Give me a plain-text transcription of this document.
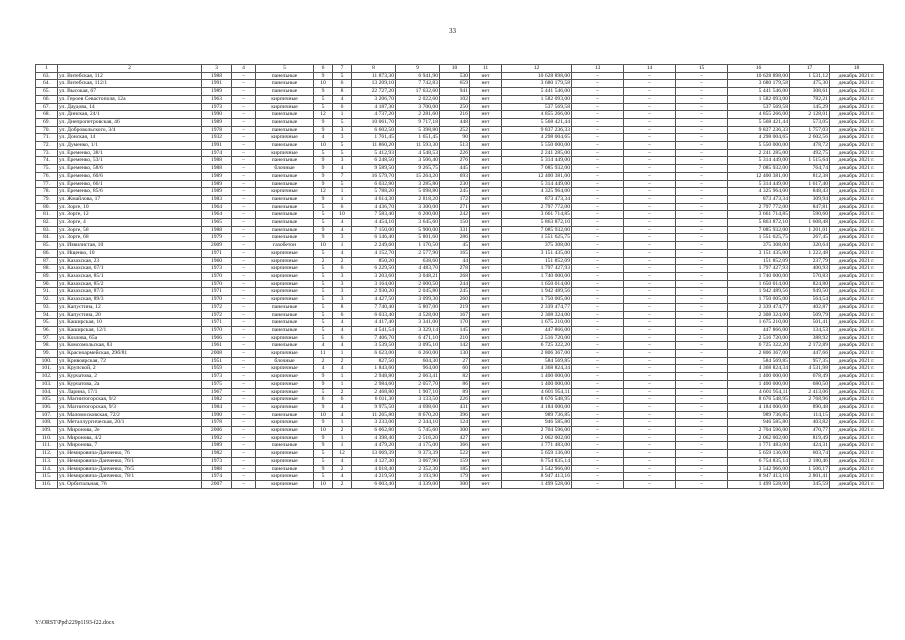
33
1	2	3	4	5	6	7	8	9	10	11	12	13	14	15	16	17	18
63.	ул. Витебская, 112	1988	–	панельные	9	5	11 873,30	6 941,90	530	нет	10 628 898,00	–	–	–	10 628 898,00	1 531,12	декабрь 2021 г.
64.	ул. Витебская, 112/1	1991	–	панельные	10	6	13 209,10	7 742,83	659	нет	3 680 179,58	–	–	–	3 680 179,58	475,30	декабрь 2021 г.
65.	ул. Высокая, 67	1989	–	панельные	9	8	22 727,20	17 632,60	941	нет	5 441 546,00	–	–	–	5 441 546,00	308,61	декабрь 2021 г.
66.	ул. Героев Севастополя, 12а	1963	–	кирпичные	5	4	3 206,70	2 022,60	102	нет	1 582 093,00	–	–	–	1 582 093,00	782,21	декабрь 2021 г.
67.	ул. Даудова, 14	1973	–	кирпичные	5	6	4 187,30	3 700,00	250	нет	537 569,58	–	–	–	537 569,58	145,29	декабрь 2021 г.
68.	ул. Динская, 24/1	1990	–	панельные	12	1	4 737,20	2 281,60	216	нет	4 855 266,00	–	–	–	4 855 266,00	2 128,01	декабрь 2021 г.
69.	ул. Днепропетровская, 46	1989	–	панельные	9	5	10 061,70	9 717,18	448	нет	5 568 421,44	–	–	–	5 568 421,44	573,05	декабрь 2021 г.
70.	ул. Добровольского, 3/4	1978	–	панельные	9	3	6 602,50	5 398,80	252	нет	9 837 236,33	–	–	–	9 837 236,33	1 757,03	декабрь 2021 г.
71.	ул. Донская, 14	1932	–	кирпичные	4	3	1 761,45	1 651,45	90	нет	4 298 004,65	–	–	–	4 298 004,65	2 602,56	декабрь 2021 г.
72.	ул. Думенко, 1/1	1991	–	панельные	10	5	11 860,20	11 593,30	513	нет	5 550 000,00	–	–	–	5 550 000,00	478,72	декабрь 2021 г.
73.	ул. Еременко, 38/1	1974	–	кирпичные	5	5	5 412,93	4 548,53	226	нет	2 241 285,00	–	–	–	2 241 285,00	492,75	декабрь 2021 г.
74.	ул. Еременко, 53/1	1988	–	панельные	9	3	6 248,50	3 506,40	276	нет	5 314 449,00	–	–	–	5 314 449,00	1 515,64	декабрь 2021 г.
75.	ул. Еременко, 58/6	1988	–	блочные	9	4	9 589,50	9 265,75	445	нет	7 085 932,00	–	–	–	7 085 932,00	764,74	декабрь 2021 г.
76.	ул. Еременко, 60/6	1989	–	панельные	9	7	16 579,70	15 264,20	693	нет	12 400 381,00	–	–	–	12 400 381,00	812,38	декабрь 2021 г.
77.	ул. Еременко, 66/1	1989	–	панельные	9	5	6 032,80	3 285,80	230	нет	5 314 449,00	–	–	–	5 314 449,00	1 617,40	декабрь 2021 г.
78.	ул. Еременко, 85/6	1989	–	кирпичные	12	1	5 788,20	5 098,80	245	нет	4 325 964,00	–	–	–	4 325 964,00	848,43	декабрь 2021 г.
79.	ул. Жмайлова, 17	1983	–	панельные	9	1	4 614,30	2 818,20	172	нет	873 473,34	–	–	–	873 473,34	309,94	декабрь 2021 г.
80.	ул. Зорге, 10	1964	–	панельные	5	6	4 436,70	3 300,00	271	нет	2 797 772,00	–	–	–	2 797 772,00	847,81	декабрь 2021 г.
81.	ул. Зорге, 12	1964	–	панельные	5	10	7 583,40	6 200,00	242	нет	3 661 714,85	–	–	–	3 661 714,85	590,60	декабрь 2021 г.
82.	ул. Зорге, 4	1965	–	панельные	5	4	4 454,10	3 645,60	150	нет	5 863 872,10	–	–	–	5 863 872,10	1 608,48	декабрь 2021 г.
83.	ул. Зорге, 58	1988	–	панельные	9	4	7 150,00	5 900,00	331	нет	7 085 932,00	–	–	–	7 085 932,00	1 201,01	декабрь 2021 г.
84.	ул. Зорге, 68	1979	–	панельные	9	3	6 146,40	5 801,60	286	нет	1 551 625,75	–	–	–	1 551 625,75	267,45	декабрь 2021 г.
85.	ул. Извилистая, 10	2009	–	газобетон	10	1	2 249,60	1 170,50	45	нет	375 308,00	–	–	–	375 308,00	320,64	декабрь 2021 г.
86.	ул. Ищенко, 10	1971	–	кирпичные	5	4	4 152,70	2 577,90	165	нет	3 151 435,00	–	–	–	3 151 435,00	1 222,48	декабрь 2021 г.
87.	ул. Казахская, 23	1960	–	кирпичные	2	2	850,20	638,60	44	нет	151 852,09	–	–	–	151 852,09	237,79	декабрь 2021 г.
88.	ул. Казахская, 67/1	1973	–	кирпичные	5	6	6 229,50	4 483,70	278	нет	1 797 427,93	–	–	–	1 797 427,93	400,93	декабрь 2021 г.
89.	ул. Казахская, 85/1	1970	–	кирпичные	5	3	3 203,60	3 048,21	268	нет	1 740 000,00	–	–	–	1 740 000,00	570,83	декабрь 2021 г.
90.	ул. Казахская, 85/2	1970	–	кирпичные	5	3	3 164,00	2 000,50	244	нет	1 650 014,00	–	–	–	1 650 014,00	824,80	декабрь 2021 г.
91.	ул. Казахская, 87/3	1971	–	кирпичные	5	3	2 930,20	2 045,80	245	нет	1 942 489,56	–	–	–	1 942 489,56	949,50	декабрь 2021 г.
92.	ул. Казахская, 89/3	1970	–	кирпичные	5	3	4 427,50	3 099,30	260	нет	1 750 005,00	–	–	–	1 750 005,00	564,54	декабрь 2021 г.
93.	ул. Капустина, 12	1972	–	панельные	5	8	7 740,40	5 807,00	219	нет	2 339 474,77	–	–	–	2 339 474,77	402,87	декабрь 2021 г.
94.	ул. Капустина, 20	1972	–	панельные	5	6	6 033,40	4 528,00	167	нет	2 308 324,00	–	–	–	2 308 324,00	509,79	декабрь 2021 г.
95.	ул. Каширская, 10	1971	–	панельные	5	4	4 417,40	3 341,00	170	нет	1 675 210,00	–	–	–	1 675 210,00	501,41	декабрь 2021 г.
96.	ул. Каширская, 12/1	1970	–	панельные	5	4	4 541,54	3 329,14	145	нет	447 866,00	–	–	–	447 866,00	134,53	декабрь 2021 г.
97.	ул. Козлова, 65а	1966	–	кирпичные	5	6	7 406,70	6 471,10	210	нет	2 516 720,00	–	–	–	2 516 720,00	388,92	декабрь 2021 г.
98.	ул. Комсомольская, 83	1961	–	панельные	4	4	3 539,50	3 095,10	142	нет	6 725 322,20	–	–	–	6 725 322,20	2 172,89	декабрь 2021 г.
99.	ул. Красноармейская, 29б/81	2008	–	кирпичные	11	1	6 623,00	6 260,00	130	нет	2 806 367,00	–	–	–	2 806 367,00	447,66	декабрь 2021 г.
100.	ул. Кривоярская, 72	1951	–	блочные	2	2	827,50	604,30	27	нет	584 569,85	–	–	–	584 569,85	957,35	декабрь 2021 г.
101.	ул. Крупской, 2	1959	–	кирпичные	4	4	1 843,60	964,00	60	нет	4 368 824,34	–	–	–	4 368 824,34	4 531,98	декабрь 2021 г.
102.	ул. Курчатова, 2	1973	–	кирпичные	9	1	2 948,80	2 063,41	82	нет	1 400 000,00	–	–	–	1 400 000,00	678,49	декабрь 2021 г.
103.	ул. Курчатова, 2а	1975	–	кирпичные	9	1	2 984,60	2 057,70	86	нет	1 400 000,00	–	–	–	1 400 000,00	680,50	декабрь 2021 г.
104.	ул. Ларина, 17/1	1967	–	кирпичные	5	2	2 468,80	1 907,10	89	нет	4 601 954,11	–	–	–	4 601 954,11	2 413,06	декабрь 2021 г.
105.	ул. Магнитогорская, 9/2	1982	–	кирпичные	6	6	6 011,30	3 133,50	226	нет	8 676 548,95	–	–	–	8 676 548,95	2 768,96	декабрь 2021 г.
106.	ул. Магнитогорская, 9/3	1984	–	кирпичные	9	4	9 975,50	4 698,60	431	нет	4 184 000,00	–	–	–	4 184 000,00	890,48	декабрь 2021 г.
107.	ул. Маломосковская, 72/2	1990	–	панельные	10	4	11 265,80	8 670,20	396	нет	989 736,85	–	–	–	989 736,85	114,15	декабрь 2021 г.
108.	ул. Металлургическая, 20/1	1978	–	кирпичные	9	1	3 233,00	2 344,10	124	нет	946 585,80	–	–	–	946 585,80	403,82	декабрь 2021 г.
109.	ул. Миронова, 2е	2006	–	кирпичные	10	2	6 062,80	5 745,60	300	нет	2 704 596,00	–	–	–	2 704 596,00	470,77	декабрь 2021 г.
110.	ул. Миронова, 4/2	1992	–	кирпичные	9	1	4 398,40	2 516,20	427	нет	2 062 002,00	–	–	–	2 062 002,00	819,49	декабрь 2021 г.
111.	ул. Миронова, 7	1989	–	панельные	9	1	4 479,20	4 175,00	366	нет	1 771 483,00	–	–	–	1 771 483,00	424,31	декабрь 2021 г.
112.	ул. Немировича-Данченко, 76	1982	–	кирпичные	5	12	13 069,39	9 373,39	522	нет	5 659 136,00	–	–	–	5 659 136,00	603,74	декабрь 2021 г.
113.	ул. Немировича-Данченко, 76/1	1973	–	кирпичные	5	4	4 127,30	3 067,90	159	нет	6 754 835,14	–	–	–	6 754 835,14	2 180,46	декабрь 2021 г.
114.	ул. Немировича-Данченко, 76/5	1988	–	панельные	9	2	4 018,40	2 352,30	185	нет	3 542 966,00	–	–	–	3 542 966,00	1 506,17	декабрь 2021 г.
115.	ул. Немировича-Данченко, 78/1	1974	–	кирпичные	5	4	4 219,50	3 193,90	179	нет	8 947 413,16	–	–	–	8 947 413,16	2 801,41	декабрь 2021 г.
116.	ул. Орбитальная, 76	2007	–	кирпичные	10	2	6 003,40	4 339,00	300	нет	1 499 528,00	–	–	–	1 499 528,00	345,59	декабрь 2021 г.
Y:\ORST\Ppd\229p1193-f22.docx
